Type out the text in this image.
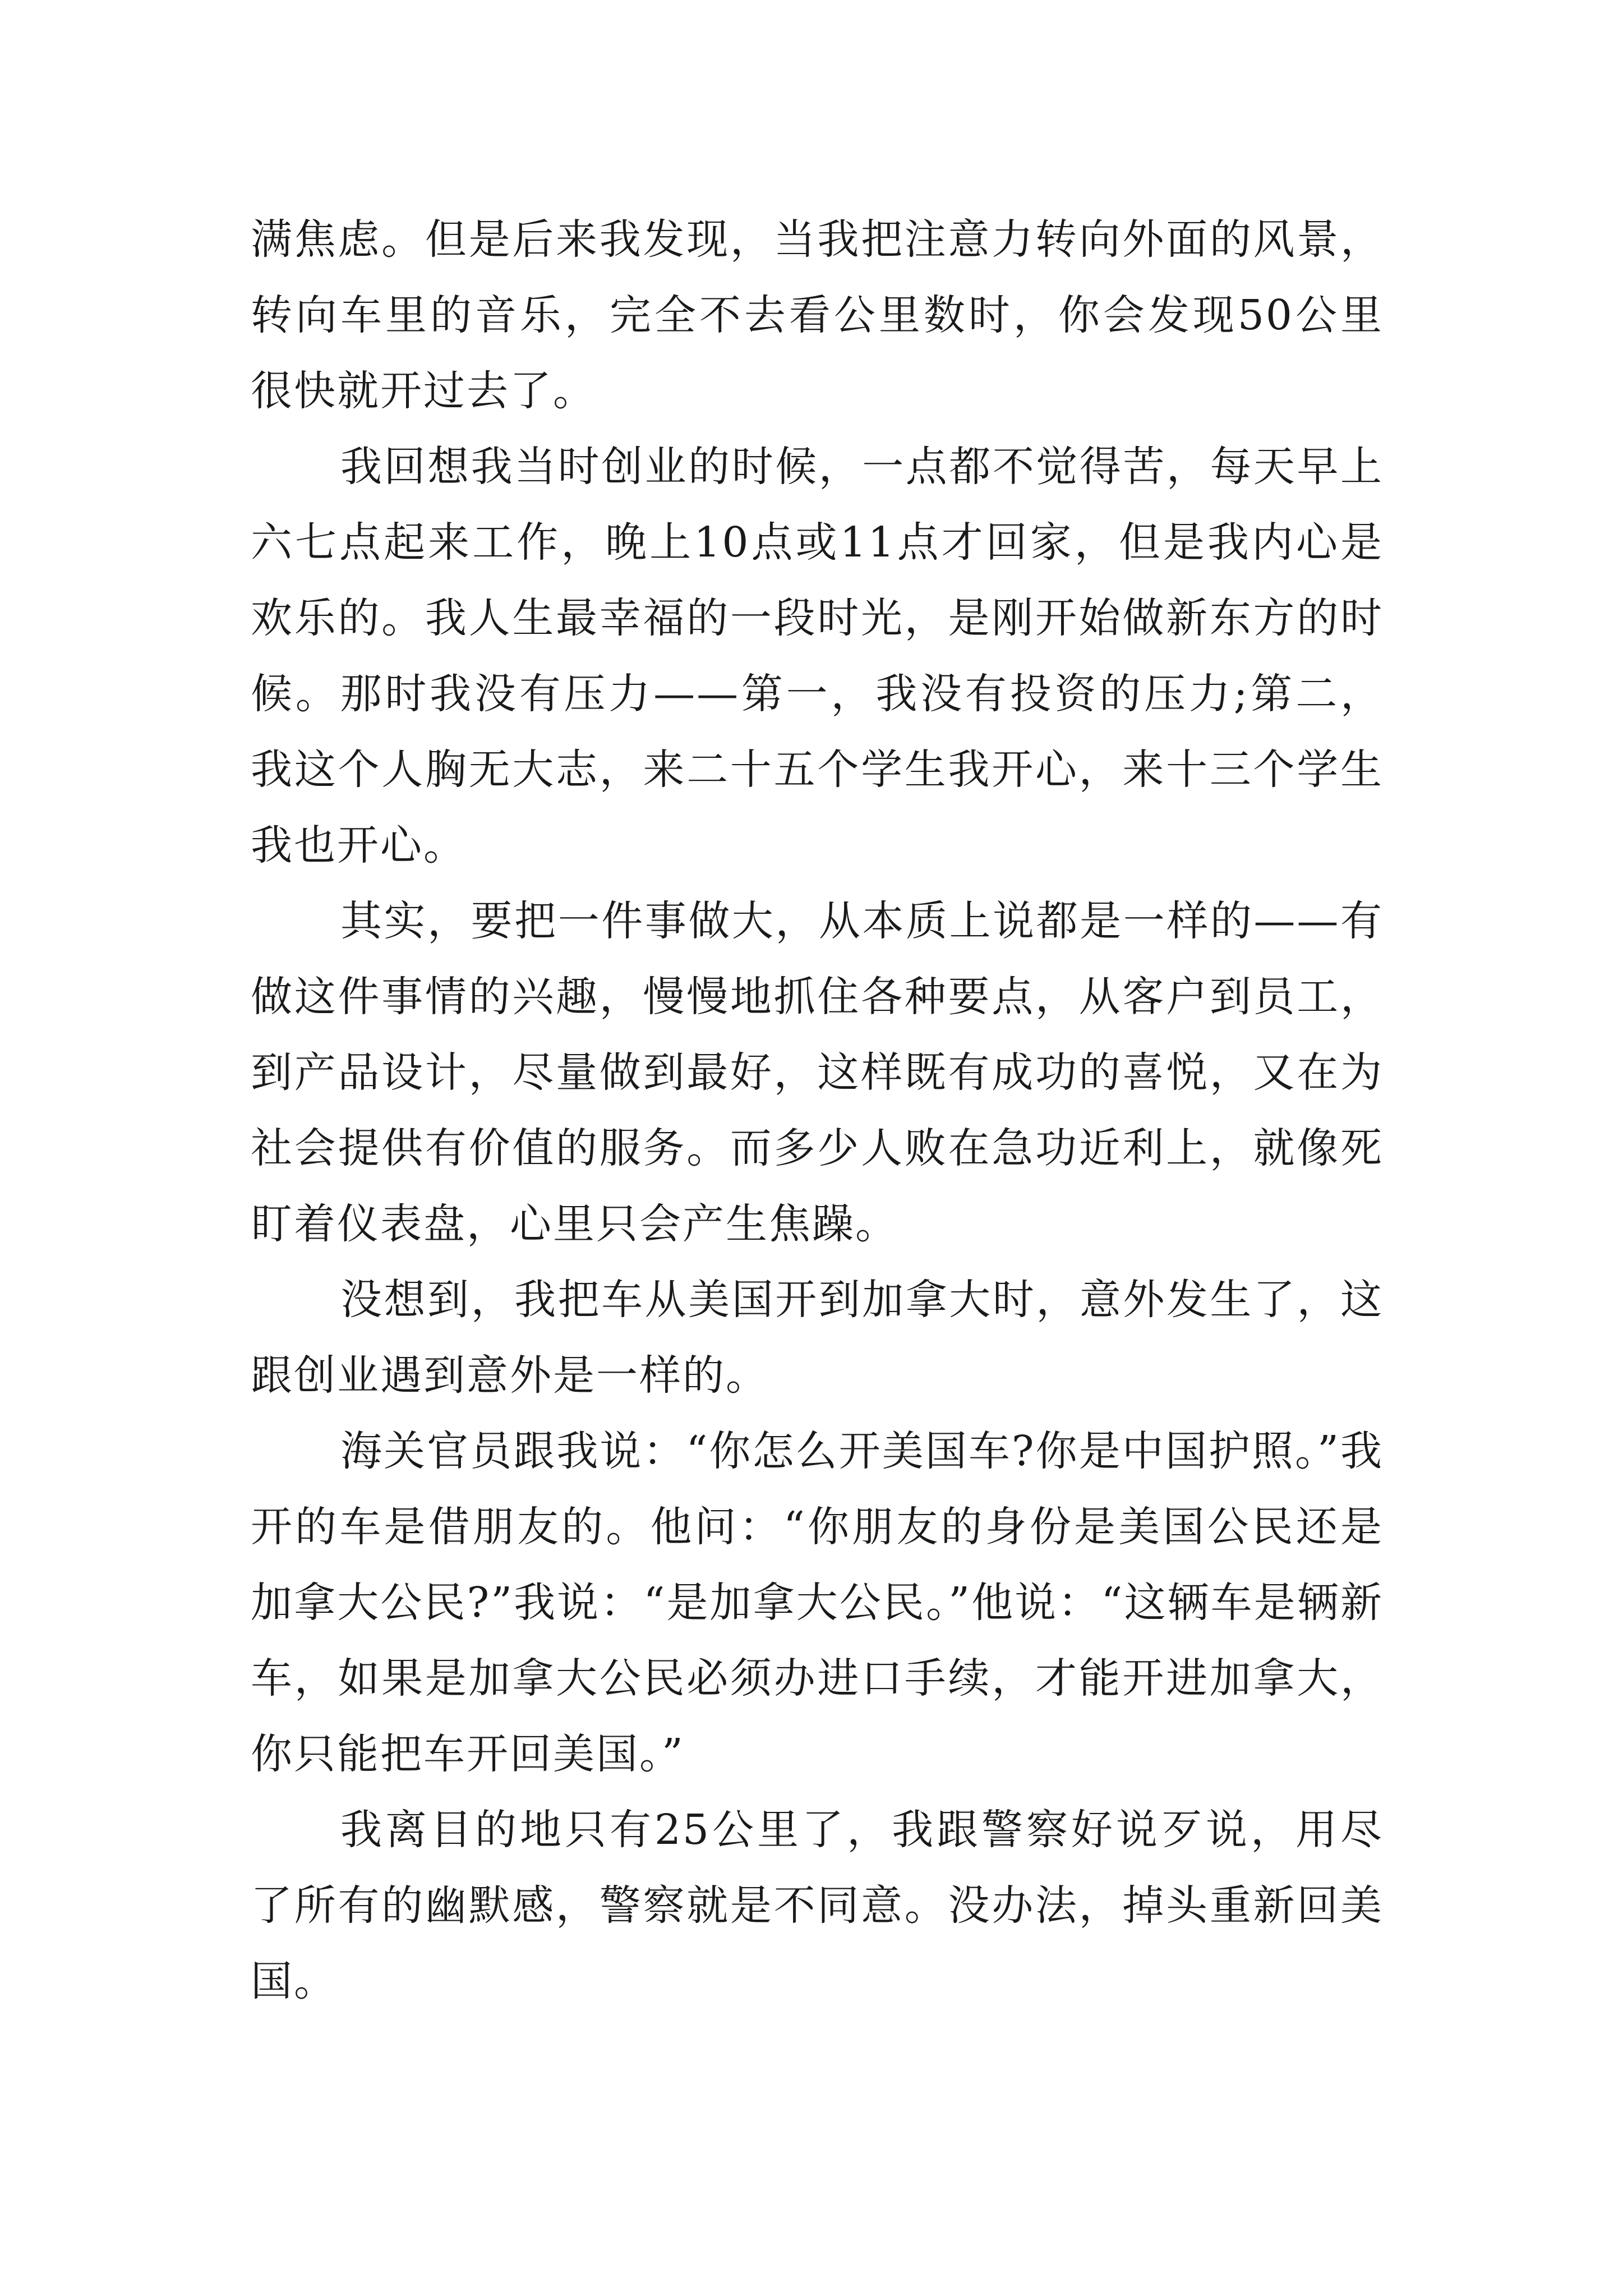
满焦虑。但是后来我发现，当我把注意力转向外面的风景，转向车里的音乐，完全不去看公里数时，你会发现50公里很快就开过去了。

我回想我当时创业的时候，一点都不觉得苦，每天早上六七点起来工作，晚上10点或11点才回家，但是我内心是欢乐的。我人生最幸福的一段时光，是刚开始做新东方的时候。那时我没有压力——第一，我没有投资的压力;第二，我这个人胸无大志，来二十五个学生我开心，来十三个学生我也开心。

其实，要把一件事做大，从本质上说都是一样的——有做这件事情的兴趣，慢慢地抓住各种要点，从客户到员工，到产品设计，尽量做到最好，这样既有成功的喜悦，又在为社会提供有价值的服务。而多少人败在急功近利上，就像死盯着仪表盘，心里只会产生焦躁。

没想到，我把车从美国开到加拿大时，意外发生了，这跟创业遇到意外是一样的。

海关官员跟我说：“你怎么开美国车?你是中国护照。”我开的车是借朋友的。他问：“你朋友的身份是美国公民还是加拿大公民?”我说：“是加拿大公民。”他说：“这辆车是辆新车，如果是加拿大公民必须办进口手续，才能开进加拿大，你只能把车开回美国。”

我离目的地只有25公里了，我跟警察好说歹说，用尽了所有的幽默感，警察就是不同意。没办法，掉头重新回美国。
